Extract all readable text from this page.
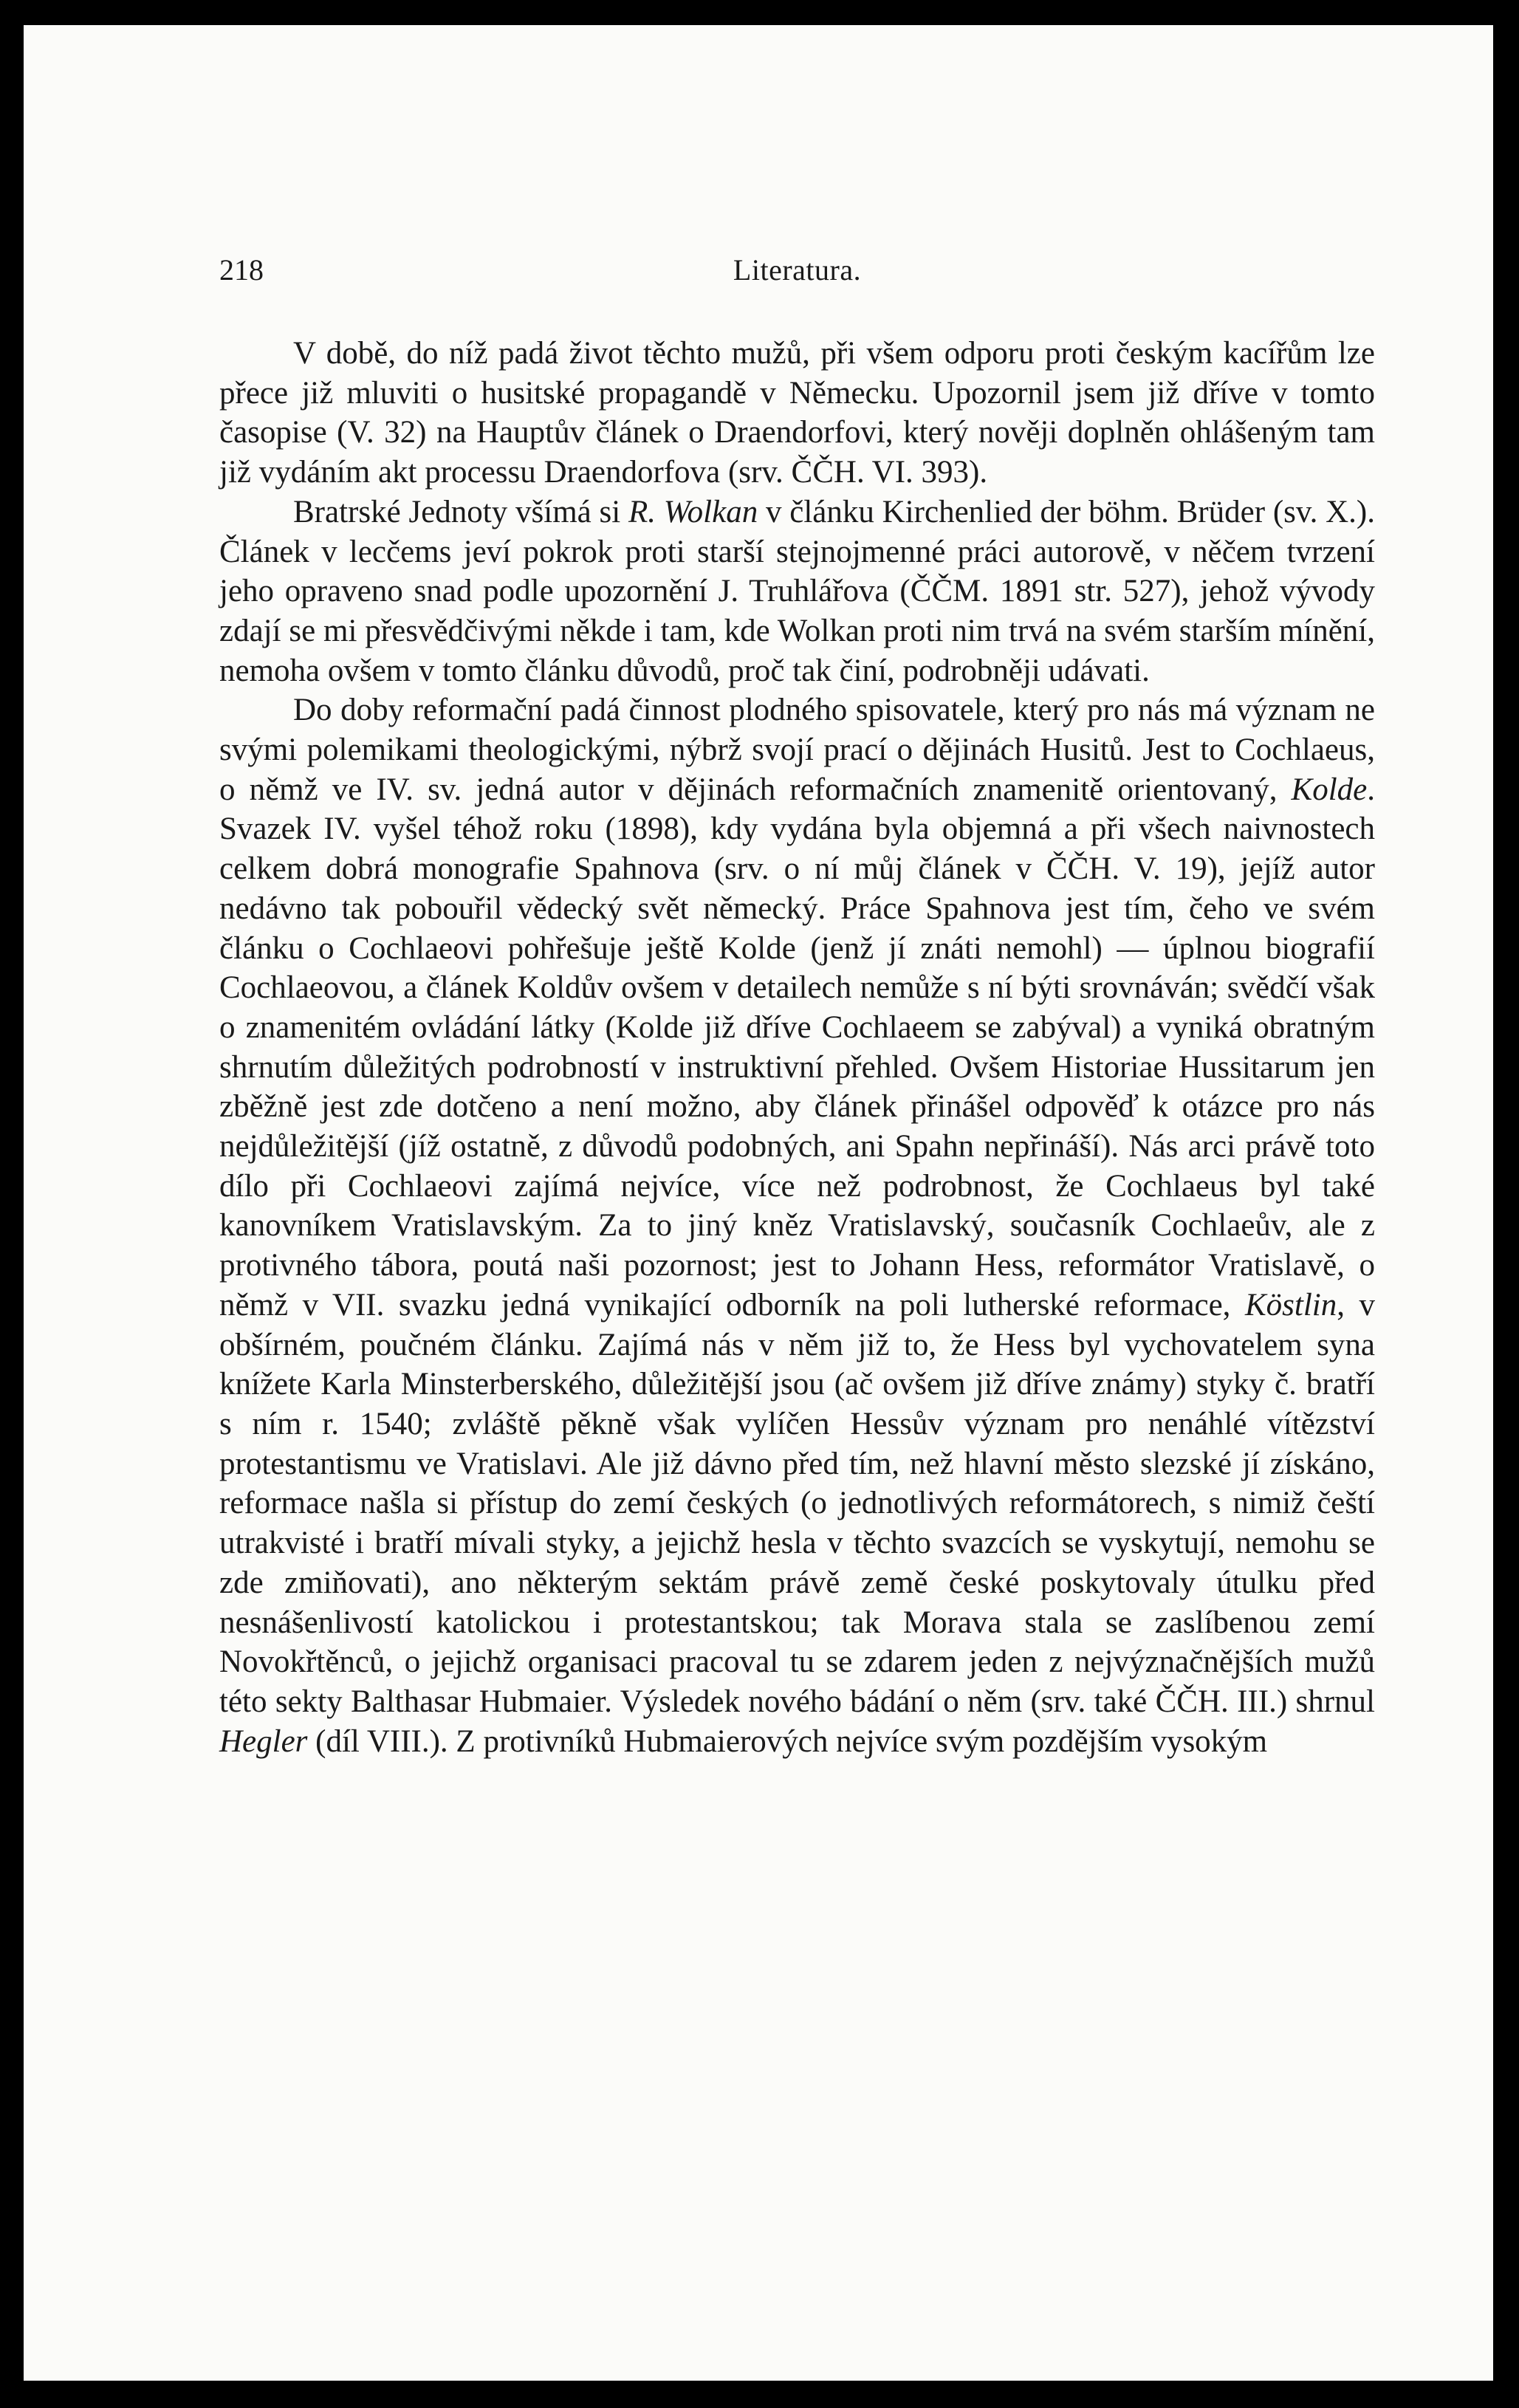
218	Literatura.

V době, do níž padá život těchto mužů, při všem odporu proti českým kacířům lze přece již mluviti o husitské propagandě v Německu. Upozornil jsem již dříve v tomto časopise (V. 32) na Hauptův článek o Draendorfovi, který nověji doplněn ohlášeným tam již vydáním akt processu Draendorfova (srv. ČČH. VI. 393).

Bratrské Jednoty všímá si R. Wolkan v článku Kirchenlied der böhm. Brüder (sv. X.). Článek v lecčems jeví pokrok proti starší stejnojmenné práci autorově, v něčem tvrzení jeho opraveno snad podle upozornění J. Truhlářova (ČČM. 1891 str. 527), jehož vývody zdají se mi přesvědčivými někde i tam, kde Wolkan proti nim trvá na svém starším mínění, nemoha ovšem v tomto článku důvodů, proč tak činí, podrobněji udávati.

Do doby reformační padá činnost plodného spisovatele, který pro nás má význam ne svými polemikami theologickými, nýbrž svojí prací o dějinách Husitů. Jest to Cochlaeus, o němž ve IV. sv. jedná autor v dějinách reformačních znamenitě orientovaný, Kolde. Svazek IV. vyšel téhož roku (1898), kdy vydána byla objemná a při všech naivnostech celkem dobrá monografie Spahnova (srv. o ní můj článek v ČČH. V. 19), jejíž autor nedávno tak pobouřil vědecký svět německý. Práce Spahnova jest tím, čeho ve svém článku o Cochlaeovi pohřešuje ještě Kolde (jenž jí znáti nemohl) — úplnou biografií Cochlaeovou, a článek Koldův ovšem v detailech nemůže s ní býti srovnáván; svědčí však o znamenitém ovládání látky (Kolde již dříve Cochlaeem se zabýval) a vyniká obratným shrnutím důležitých podrobností v instruktivní přehled. Ovšem Historiae Hussitarum jen zběžně jest zde dotčeno a není možno, aby článek přinášel odpověď k otázce pro nás nejdůležitější (jíž ostatně, z důvodů podobných, ani Spahn nepřináší). Nás arci právě toto dílo při Cochlaeovi zajímá nejvíce, více než podrobnost, že Cochlaeus byl také kanovníkem Vratislavským. Za to jiný kněz Vratislavský, současník Cochlaeův, ale z protivného tábora, poutá naši pozornost; jest to Johann Hess, reformátor Vratislavě, o němž v VII. svazku jedná vynikající odborník na poli lutherské reformace, Köstlin, v obšírném, poučném článku. Zajímá nás v něm již to, že Hess byl vychovatelem syna knížete Karla Minsterberského, důležitější jsou (ač ovšem již dříve známy) styky č. bratří s ním r. 1540; zvláště pěkně však vylíčen Hessův význam pro nenáhlé vítězství protestantismu ve Vratislavi. Ale již dávno před tím, než hlavní město slezské jí získáno, reformace našla si přístup do zemí českých (o jednotlivých reformátorech, s nimiž čeští utrakvisté i bratří mívali styky, a jejichž hesla v těchto svazcích se vyskytují, nemohu se zde zmiňovati), ano některým sektám právě země české poskytovaly útulku před nesnášenlivostí katolickou i protestantskou; tak Morava stala se zaslíbenou zemí Novokřtěnců, o jejichž organisaci pracoval tu se zdarem jeden z nejvýznačnějších mužů této sekty Balthasar Hubmaier. Výsledek nového bádání o něm (srv. také ČČH. III.) shrnul Hegler (díl VIII.). Z protivníků Hubmaierových nejvíce svým pozdějším vysokým
